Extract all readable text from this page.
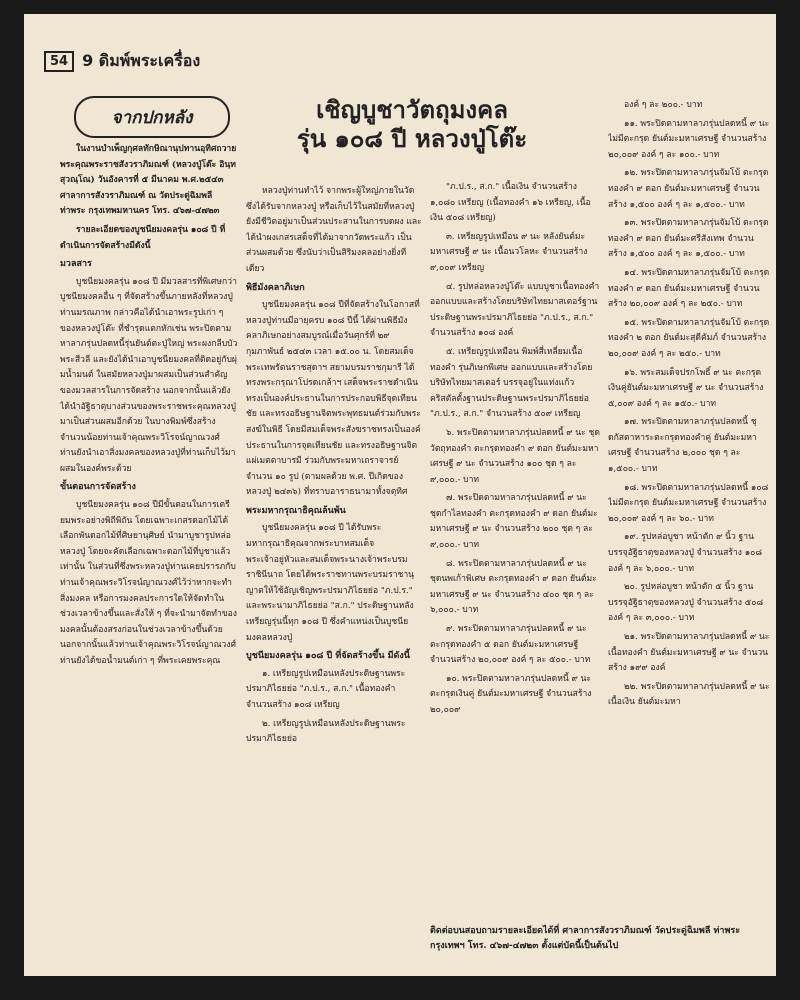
54 9 ดิมพ์พระเครื่อง
จากปกหลัง	เชิญบูชาวัตถุมงคล
รุ่น ๑๐๘ ปี หลวงปู่โต๊ะ

ในงานบำเพ็ญกุศลทักษิณานุปทานอุทิศถวายพระคุณพระราชสังวราภิมณฑ์ (หลวงปู่โต๊ะ อินฺทสุวณฺโณ) วันอังคารที่ ๕ มีนาคม พ.ศ.๒๕๔๓ ศาลาการสังวราภิมณฑ์ ณ วัดประดู่ฉิมพลี ท่าพระ กรุงเทพมหานคร โทร. ๔๖๗-๔๗๒๓

รายละเอียดของบูชนียมงคลรุ่น ๑๐๘ ปี ที่ดำเนินการจัดสร้างมีดังนี้

มวลสาร

บูชนียมงคลรุ่น ๑๐๘ ปี มีมวลสารที่พิเศษกว่าบูชนียมงคลอื่น ๆ ที่จัดสร้างขึ้นภายหลังที่หลวงปู่ท่านมรณภาพ กล่าวคือได้นำเอาพระรูปเก่า ๆ ของหลวงปู่โต๊ะ ที่ชำรุดแตกหักเช่น พระปิดตามหาลาภรุ่นปลดหนี้รุ่นยันต์ตะปู่ใหญ่ พระผงกลีบบัว พระสีวลี และยังได้นำเอาบูชนียมงคลที่ติดอยู่กับผุ่มน้ำมนต์ ในสมัยหลวงปู่มาผสมเป็นส่วนสำคัญของมวลสารในการจัดสร้าง นอกจากนั้นแล้วยังได้นำอัฐิธาตุบางส่วนของพระราชพระคุณหลวงปู่มาเป็นส่วนผสมอีกด้วย ในบางพิมพ์ซึ่งสร้างจำนวนน้อยท่านเจ้าคุณพระวิโรจน์ญาณวงศ์ ท่านยังนำเอาสิ่งมงคลของหลวงปู่ที่ท่านเก็บไว้มาผสมในองค์พระด้วย

ขั้นตอนการจัดสร้าง

บูชนียมงคลรุ่น ๑๐๘ ปีมีขั้นตอนในการเตรียมพระอย่างพิถีพิถัน โดยเฉพาะเกสรดอกไม้ได้เลือกพันดอกไม้ที่ศิษยานุศิษย์ นำมาบูชารูปหล่อหลวงปู่ โดยจะคัดเลือกเฉพาะดอกไม้ที่บูชาแล้วเท่านั้น ในส่วนที่ซึ่งพระหลวงปู่ท่านเคยปรารภกับท่านเจ้าคุณพระวิโรจน์ญาณวงศ์ไว้ว่าหากจะทำสิ่งมงคล หรือการมงคลประการใดให้จัดทำในช่วงเวลาข้างขึ้นและสั่งให้ ๆ ที่จะนำมาจัดทำของมงคลนั้นต้องสรงก่อนในช่วงเวลาข้างขึ้นด้วย นอกจากนั้นแล้วท่านเจ้าคุณพระวิโรจน์ญาณวงศ์ ท่านยังได้ขอน้ำมนต์เก่า ๆ ที่พระเคยพระคุณ

หลวงปู่ท่านทำไว้ จากพระผู้ใหญ่ภายในวัดซึ่งได้รับจากหลวงปู่ หรือเก็บไว้ในสมัยที่หลวงปู่ยังมีชีวิตอยู่มาเป็นส่วนประสานในการบดผง และได้นำผงเกสรเสด็จที่ได้มาจากวัดพระแก้ว เป็นส่วนผสมด้วย ซึ่งนับว่าเป็นสิริมงคลอย่างยิ่งทีเดียว

พิธีมังคลาภิเษก

บูชนียมงคลรุ่น ๑๐๘ ปีที่จัดสร้างในโอกาสที่หลวงปู่ท่านมีอายุครบ ๑๐๘ ปีนี้ ได้ผ่านพิธีมังคลาภิเษกอย่างสมบูรณ์เมื่อวันศุกร์ที่ ๒๙ กุมภาพันธ์ ๒๕๔๓ เวลา ๑๕.๐๐ น. โดยสมเด็จพระเทพรัตนราชสุดาฯ สยามบรมราชกุมารี ได้ทรงพระกรุณาโปรดเกล้าฯ เสด็จพระราชดำเนินทรงเป็นองค์ประธานในการประกอบพิธีจุดเทียนชัย และทรงอธิษฐานจิตพระพุทธมนต์ร่วมกับพระสงฆ์ในพิธี โดยมีสมเด็จพระสังฆราชทรงเป็นองค์ประธานในการจุดเทียนชัย และทรงอธิษฐานจิตแผ่เมตตาบารมี ร่วมกับพระมหาเถราจารย์ จำนวน ๑๐ รูป (ตามผลด้วย พ.ศ. ปีเกิดของหลวงปู่ ๒๔๓๖) ที่ทราบอาราธนามาทั้งจตุทิศ

พระมหากรุณาธิคุณล้นพ้น

บูชนียมงคลรุ่น ๑๐๘ ปี ได้รับพระมหากรุณาธิคุณจากพระบาทสมเด็จพระเจ้าอยู่หัวและสมเด็จพระนางเจ้าพระบรมราชินีนาถ โดยได้พระราชทานพระบรมราชานุญาตให้ใช้อัญเชิญพระปรมาภิไธยย่อ "ภ.ป.ร." และพระนามาภิไธยย่อ "ส.ก." ประดิษฐานหลังเหรียญรุ่นนี้ทุก ๑๐๘ ปี ซึ่งคำแหน่งเป็นบูชนียมงคลหลวงปู่

บูชนียมงคลรุ่น ๑๐๘ ปี ที่จัดสร้างขึ้น มีดังนี้

๑. เหรียญรูปเหมือนหลังประดิษฐานพระปรมาภิไธยย่อ "ภ.ป.ร., ส.ก." เนื้อทองคำ จำนวนสร้าง ๑๐๘ เหรียญ

๒. เหรียญรูปเหมือนหลังประดิษฐานพระปรมาภิไธยย่อ

"ภ.ป.ร., ส.ก." เนื้อเงิน จำนวนสร้าง ๑,๐๘๐ เหรียญ (เนื้อทองคำ ๑๖ เหรียญ, เนื้อเงิน ๕๐๘ เหรียญ)

๓. เหรียญรูปเหมือน ๙ นะ หลังยันต์มะมหาเศรษฐี ๙ นะ เนื้อนวโลหะ จำนวนสร้าง ๙,๐๐๙ เหรียญ

๔. รูปหล่อหลวงปู่โต๊ะ แบบบูชาเนื้อทองคำ ออกแบบและสร้างโดยบริษัทไทยมาสเตอร์ฐานประดิษฐานพระปรมาภิไธยย่อ "ภ.ป.ร., ส.ก." จำนวนสร้าง ๑๐๘ องค์

๕. เหรียญรูปเหมือน พิมพ์สี่เหลี่ยมเนื้อทองคำ รุ่นภิเษกพิเศษ ออกแบบและสร้างโดยบริษัทไทยมาสเตอร์ บรรจุอยู่ในแท่งแก้วคริสตัลตั้งฐานประดิษฐานพระปรมาภิไธยย่อ "ภ.ป.ร., ส.ก." จำนวนสร้าง ๕๐๙ เหรียญ

๖. พระปิดตามหาลาภรุ่นปลดหนี้ ๙ นะ ชุดวัตถุทองคำ ตะกรุดทองคำ ๙ ดอก ยันต์มะมหาเศรษฐี ๙ นะ จำนวนสร้าง ๑๐๐ ชุด ๆ ละ ๙,๐๐๐.- บาท

๗. พระปิดตามหาลาภรุ่นปลดหนี้ ๙ นะ ชุดกำไลทองคำ ตะกรุดทองคำ ๙ ดอก ยันต์มะมหาเศรษฐี ๙ นะ จำนวนสร้าง ๒๐๐ ชุด ๆ ละ ๙,๐๐๐.- บาท

๘. พระปิดตามหาลาภรุ่นปลดหนี้ ๙ นะ ชุดนพเก้าพิเศษ ตะกรุดทองคำ ๙ ดอก ยันต์มะมหาเศรษฐี ๙ นะ จำนวนสร้าง ๔๐๐ ชุด ๆ ละ ๖,๐๐๐.- บาท

๙. พระปิดตามหาลาภรุ่นปลดหนี้ ๙ นะ ตะกรุดทองคำ ๕ ดอก ยันต์มะมหาเศรษฐี จำนวนสร้าง ๒๐,๐๐๙ องค์ ๆ ละ ๕๐๐.- บาท

๑๐. พระปิดตามหาลาภรุ่นปลดหนี้ ๙ นะ ตะกรุดเงินคู่ ยันต์มะมหาเศรษฐี จำนวนสร้าง ๒๐,๐๐๙

องค์ ๆ ละ ๒๐๐.- บาท

๑๑. พระปิดตามหาลาภรุ่นปลดหนี้ ๙ นะ ไม่มีตะกรุด ยันต์มะมหาเศรษฐี จำนวนสร้าง ๒๐,๐๐๙ องค์ ๆ ละ ๑๐๐.- บาท

๑๒. พระปิดตามหาลาภรุ่นจัมโบ้ ตะกรุดทองคำ ๙ ดอก ยันต์มะมหาเศรษฐี จำนวนสร้าง ๑,๕๐๐ องค์ ๆ ละ ๑,๕๐๐.- บาท

๑๓. พระปิดตามหาลาภรุ่นจัมโบ้ ตะกรุดทองคำ ๙ ดอก ยันต์มะศรีสังเทพ จำนวนสร้าง ๑,๕๐๐ องค์ ๆ ละ ๑,๕๐๐.- บาท

๑๔. พระปิดตามหาลาภรุ่นจัมโบ้ ตะกรุดทองคำ ๙ ดอก ยันต์มะมหาเศรษฐี จำนวนสร้าง ๒๐,๐๐๙ องค์ ๆ ละ ๒๕๐.- บาท

๑๕. พระปิดตามหาลาภรุ่นจัมโบ้ ตะกรุดทองคำ ๒ ดอก ยันต์มะสุดีคัมภ์ จำนวนสร้าง ๒๐,๐๐๙ องค์ ๆ ละ ๒๕๐.- บาท

๑๖. พระสมเด็จปรกโพธิ์ ๙ นะ ตะกรุดเงินคู่ยันต์มะมหาเศรษฐี ๙ นะ จำนวนสร้าง ๕,๐๐๙ องค์ ๆ ละ ๑๕๐.- บาท

๑๗. พระปิดตามหาลาภรุ่นปลดหนี้ ชุดกัสตาหาระตะกรุดทองคำคู่ ยันต์มะมหาเศรษฐี จำนวนสร้าง ๒,๐๐๐ ชุด ๆ ละ ๑,๕๐๐.- บาท

๑๘. พระปิดตามหาลาภรุ่นปลดหนี้ ๑๐๘ ไม่มีตะกรุด ยันต์มะมหาเศรษฐี จำนวนสร้าง ๒๐,๐๐๙ องค์ ๆ ละ ๖๐.- บาท

๑๙. รูปหล่อบูชา หน้าตัก ๙ นิ้ว ฐานบรรจุอัฐิธาตุของหลวงปู่ จำนวนสร้าง ๑๐๘ องค์ ๆ ละ ๖,๐๐๐.- บาท

๒๐. รูปหล่อบูชา หน้าตัก ๕ นิ้ว ฐานบรรจุอัฐิธาตุของหลวงปู่ จำนวนสร้าง ๕๐๘ องค์ ๆ ละ ๓,๐๐๐.- บาท

๒๑. พระปิดตามหาลาภรุ่นปลดหนี้ ๙ นะ เนื้อทองคำ ยันต์มะมหาเศรษฐี ๙ นะ จำนวนสร้าง ๑๙๙ องค์

๒๒. พระปิดตามหาลาภรุ่นปลดหนี้ ๙ นะ เนื้อเงิน ยันต์มะมหา

ติดต่อบนสอบถามรายละเอียดได้ที่ ศาลาการสังวราภิมณฑ์ วัดประดู่ฉิมพลี ท่าพระ กรุงเทพฯ โทร. ๔๖๗-๔๗๒๓ ตั้งแต่บัดนี้เป็นต้นไป
